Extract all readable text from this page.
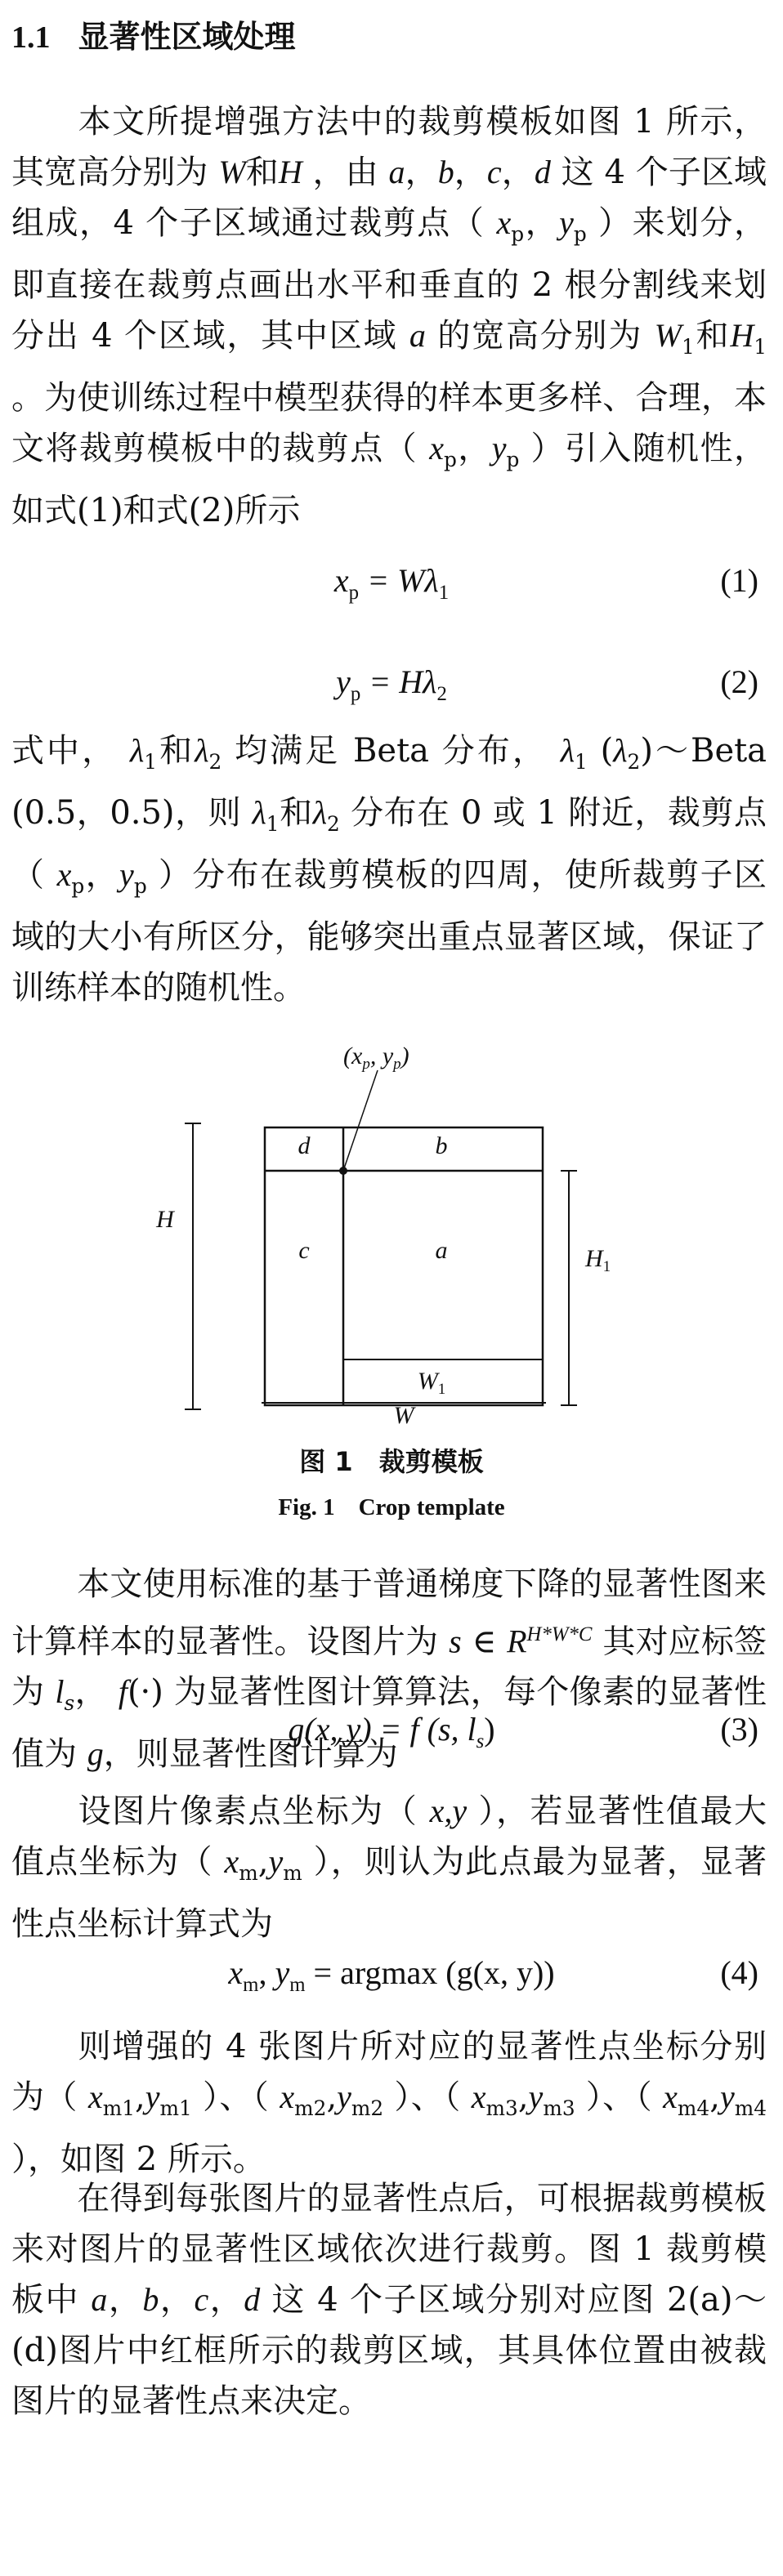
1.1 显著性区域处理
本文所提增强方法中的裁剪模板如图 1 所示，其宽高分别为 W和H ，由 a，b，c，d 这 4 个子区域组成，4 个子区域通过裁剪点（ $x_p$，$y_p$ ）来划分，即直接在裁剪点画出水平和垂直的 2 根分割线来划分出 4 个区域，其中区域 a 的宽高分别为 $W_1$和$H_1$ 。为使训练过程中模型获得的样本更多样、合理，本文将裁剪模板中的裁剪点（ $x_p$，$y_p$ ）引入随机性，如式(1)和式(2)所示
$x_p = W\lambda_1$	(1)
$y_p = H\lambda_2$	(2)
式中， $\lambda_1$和$\lambda_2$ 均满足 Beta 分布， $\lambda_1$ $(\lambda_2)\sim Beta$ (0.5，0.5)，则 $\lambda_1$和$\lambda_2$ 分布在 0 或 1 附近，裁剪点（ $x_p$，$y_p$ ）分布在裁剪模板的四周，使所裁剪子区域的大小有所区分，能够突出重点显著区域，保证了训练样本的随机性。
($x_p$, $y_p$)
d	b
c	a
H
$H_1$
$W_1$
W
图 1　裁剪模板
Fig. 1　Crop template
本文使用标准的基于普通梯度下降的显著性图来计算样本的显著性。设图片为 s ∈ $R^{H*W*C}$ 其对应标签为 $l_s$， f(·) 为显著性图计算算法，每个像素的显著性值为 g，则显著性图计算为
g(x, y) = f (s, $l_s$)	(3)
设图片像素点坐标为（ x,y ），若显著性值最大值点坐标为（ $x_m,y_m$ ），则认为此点最为显著，显著性点坐标计算式为
$x_m$, $y_m = argmax$ (g(x, y))	(4)
则增强的 4 张图片所对应的显著性点坐标分别为（ $x_{m1},y_{m1}$ ）、（ $x_{m2},y_{m2}$ ）、（ $x_{m3},y_{m3}$ ）、（ $x_{m4},y_{m4}$ ），如图 2 所示。
在得到每张图片的显著性点后，可根据裁剪模板来对图片的显著性区域依次进行裁剪。图 1 裁剪模板中 a，b，c，d 这 4 个子区域分别对应图 2(a)～(d)图片中红框所示的裁剪区域，其具体位置由被裁图片的显著性点来决定。
